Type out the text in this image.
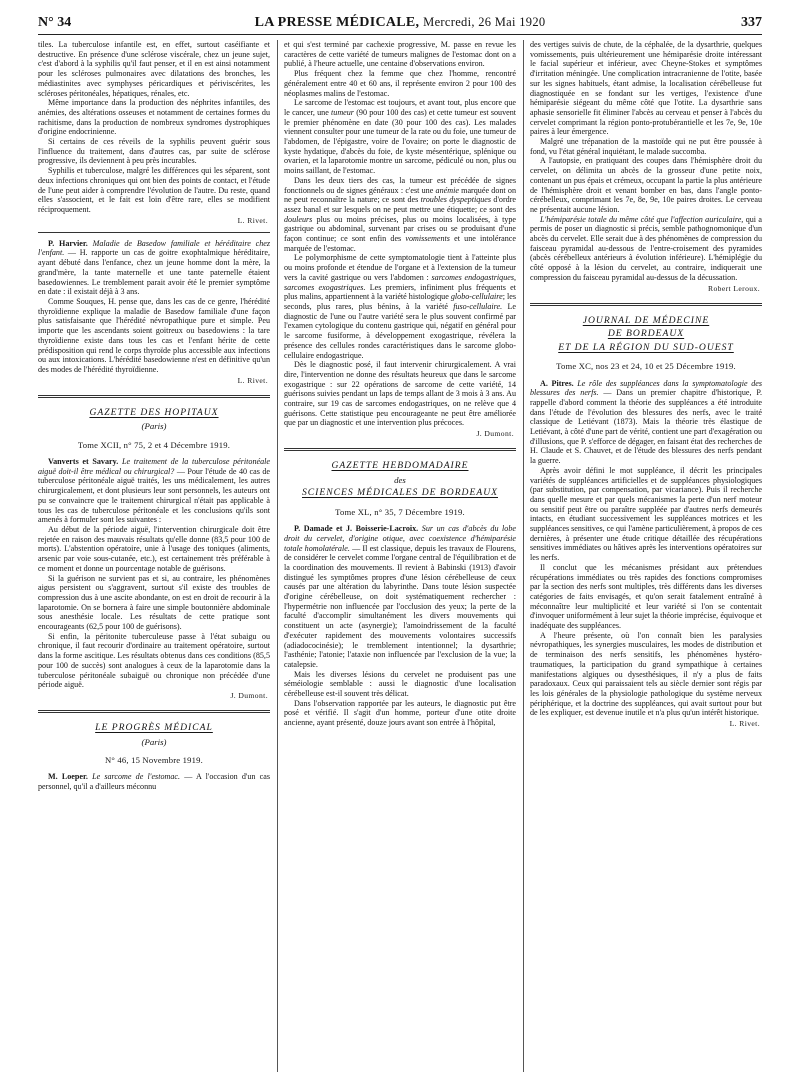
N° 34	LA PRESSE MÉDICALE, Mercredi, 26 Mai 1920	337

tiles. La tuberculose infantile est, en effet, surtout caséifiante et destructive. En présence d'une sclérose viscérale, chez un jeune sujet, c'est d'abord à la syphilis qu'il faut penser, et il en est ainsi notamment pour les scléroses pulmonaires avec dilatations des bronches, les médiastinites avec symphyses péricardiques et périviscérites, les scléroses péritonéales, hépatiques, rénales, etc.

Même importance dans la production des néphrites infantiles, des anémies, des altérations osseuses et notamment de certaines formes du rachitisme, dans la production de nombreux syndromes dystrophiques d'origine endocrinienne.

Si certains de ces réveils de la syphilis peuvent guérir sous l'influence du traitement, dans d'autres cas, par suite de sclérose progressive, ils deviennent à peu près incurables.

Syphilis et tuberculose, malgré les différences qui les séparent, sont deux infections chroniques qui ont bien des points de contact, et l'étude de l'une peut aider à comprendre l'évolution de l'autre. Du reste, quand elles s'associent, et le fait est loin d'être rare, elles se modifient réciproquement.

L. Rivet.

P. Harvier. Maladie de Basedow familiale et héréditaire chez l'enfant. — H. rapporte un cas de goitre exophtalmique héréditaire, ayant débuté dans l'enfance, chez un jeune homme dont la mère, la grand'mère, la tante maternelle et une tante paternelle étaient basedowiennes. Le tremblement parait avoir été le premier symptôme en date : il existait déjà à 3 ans.

Comme Souques, H. pense que, dans les cas de ce genre, l'hérédité thyroïdienne explique la maladie de Basedow familiale d'une façon plus satisfaisante que l'hérédité névropathique pure et simple. Peu importe que les ascendants soient goitreux ou basedowiens : la tare thyroïdienne existe dans tous les cas et l'enfant hérite de cette prédisposition qui rend le corps thyroïde plus accessible aux infections ou aux intoxications. L'hérédité basedowienne n'est en définitive qu'un des modes de l'hérédité thyroïdienne.

L. Rivet.

GAZETTE DES HOPITAUX

(Paris)

Tome XCII, n° 75, 2 et 4 Décembre 1919.

Vanverts et Savary. Le traitement de la tuberculose péritonéale aiguë doit-il être médical ou chirurgical? — Pour l'étude de 40 cas de tuberculose péritonéale aiguë traités, les uns médicalement, les autres chirurgicalement, et dont plusieurs leur sont personnels, les auteurs ont pu se convaincre que le traitement chirurgical n'était pas applicable à tous les cas de tuberculose péritonéale et les conclusions qu'ils sont amenés à formuler sont les suivantes :

Au début de la période aiguë, l'intervention chirurgicale doit être rejetée en raison des mauvais résultats qu'elle donne (83,5 pour 100 de morts). L'abstention opératoire, unie à l'usage des toniques (aliments, arsenic par voie sous-cutanée, etc.), est certainement très préférable à ce moment et donne un pourcentage notable de guérisons.

Si la guérison ne survient pas et si, au contraire, les phénomènes aigus persistent ou s'aggravent, surtout s'il existe des troubles de compression dus à une ascite abondante, on est en droit de recourir à la laparotomie. On se bornera à faire une simple boutonnière abdominale sous anesthésie locale. Les résultats de cette pratique sont encourageants (62,5 pour 100 de guérisons).

Si enfin, la péritonite tuberculeuse passe à l'état subaigu ou chronique, il faut recourir d'ordinaire au traitement opératoire, surtout dans la forme ascitique. Les résultats obtenus dans ces conditions (85,5 pour 100 de succès) sont analogues à ceux de la laparotomie dans la tuberculose péritonéale subaiguë ou chronique non précédée d'une période aiguë.

J. Dumont.

LE PROGRÈS MÉDICAL

(Paris)

N° 46, 15 Novembre 1919.

M. Loeper. Le sarcome de l'estomac. — A l'occasion d'un cas personnel, qu'il a d'ailleurs méconnu

et qui s'est terminé par cachexie progressive, M. passe en revue les caractères de cette variété de tumeurs malignes de l'estomac dont on a publié, à l'heure actuelle, une centaine d'observations environ.

Plus fréquent chez la femme que chez l'homme, rencontré généralement entre 40 et 60 ans, il représente environ 2 pour 100 des néoplasmes malins de l'estomac.

Le sarcome de l'estomac est toujours, et avant tout, plus encore que le cancer, une tumeur (90 pour 100 des cas) et cette tumeur est souvent le premier phénomène en date (30 pour 100 des cas). Les malades viennent consulter pour une tumeur de la rate ou du foie, une tumeur de l'abdomen, de l'épigastre, voire de l'ovaire; on porte le diagnostic de kyste hydatique, d'abcès du foie, de kyste mésentérique, splénique ou ovarien, et la laparotomie montre un sarcome, pédiculé ou non, plus ou moins saillant, de l'estomac.

Dans les deux tiers des cas, la tumeur est précédée de signes fonctionnels ou de signes généraux : c'est une anémie marquée dont on ne peut reconnaître la nature; ce sont des troubles dyspeptiques d'ordre assez banal et sur lesquels on ne peut mettre une étiquette; ce sont des douleurs plus ou moins précises, plus ou moins localisées, à type gastrique ou abdominal, survenant par crises ou se produisant d'une façon continue; ce sont enfin des vomissements et une intolérance marquée de l'estomac.

Le polymorphisme de cette symptomatologie tient à l'atteinte plus ou moins profonde et étendue de l'organe et à l'extension de la tumeur vers la cavité gastrique ou vers l'abdomen : sarcomes endogastriques, sarcomes exogastriques. Les premiers, infiniment plus fréquents et plus malins, appartiennent à la variété histologique globo-cellulaire; les seconds, plus rares, plus bénins, à la variété fuso-cellulaire. Le diagnostic de l'une ou l'autre variété sera le plus souvent confirmé par l'examen cytologique du contenu gastrique qui, négatif en général pour le sarcome fusiforme, à développement exogastrique, révélera la présence des cellules rondes caractéristiques dans le sarcome globo-cellulaire endogastrique.

Dès le diagnostic posé, il faut intervenir chirurgicalement. A vrai dire, l'intervention ne donne des résultats heureux que dans le sarcome exogastrique : sur 22 opérations de sarcome de cette variété, 14 guérisons suivies pendant un laps de temps allant de 3 mois à 3 ans. Au contraire, sur 19 cas de sarcomes endogastriques, on ne relève que 4 guérisons. Cette statistique peu encourageante ne peut être améliorée que par un diagnostic et une intervention plus précoces.

J. Dumont.

GAZETTE HEBDOMADAIRE

des

SCIENCES MÉDICALES DE BORDEAUX

Tome XL, n° 35, 7 Décembre 1919.

P. Damade et J. Boisserie-Lacroix. Sur un cas d'abcès du lobe droit du cervelet, d'origine otique, avec coexistence d'hémiparésie totale homolatérale. — Il est classique, depuis les travaux de Flourens, de considérer le cervelet comme l'organe central de l'équilibration et de la coordination des mouvements. Il revient à Babinski (1913) d'avoir distingué les symptômes propres d'une lésion cérébelleuse de ceux causés par une altération du labyrinthe. Dans toute lésion suspectée d'origine cérébelleuse, on doit systématiquement rechercher : l'hypermétrie non influencée par l'occlusion des yeux; la perte de la faculté d'accomplir simultanément les divers mouvements qui constituent un acte (asynergie); l'amoindrissement de la faculté d'exécuter rapidement des mouvements volontaires successifs (adiadococinésie); le tremblement intentionnel; la dysarthrie; l'asthénie; l'atonie; l'ataxie non influencée par l'exclusion de la vue; la catalepsie.

Mais les diverses lésions du cervelet ne produisent pas une séméiologie semblable : aussi le diagnostic d'une localisation cérébelleuse est-il souvent très délicat.

Dans l'observation rapportée par les auteurs, le diagnostic put être posé et vérifié. Il s'agit d'un homme, porteur d'une otite droite ancienne, ayant présenté, douze jours avant son entrée à l'hôpital,

des vertiges suivis de chute, de la céphalée, de la dysarthrie, quelques vomissements, puis ultérieurement une hémiparésie droite intéressant le facial supérieur et inférieur, avec Cheyne-Stokes et symptômes d'irritation méningée. Une complication intracranienne de l'otite, basée sur les signes habituels, étant admise, la localisation cérébelleuse fut diagnostiquée en se fondant sur les vertiges, l'existence d'une hémiparésie siégeant du même côté que l'otite. La dysarthrie sans aphasie sensorielle fit éliminer l'abcès au cerveau et penser à l'abcès du cervelet comprimant la région ponto-protubérantielle et les 7e, 9e, 10e paires à leur émergence.

Malgré une trépanation de la mastoïde qui ne put être poussée à fond, vu l'état général inquiétant, le malade succomba.

A l'autopsie, en pratiquant des coupes dans l'hémisphère droit du cervelet, on délimita un abcès de la grosseur d'une petite noix, contenant un pus épais et crémeux, occupant la partie la plus antérieure de l'hémisphère droit et venant bomber en bas, dans l'angle ponto-cérébelleux, comprimant les 7e, 8e, 9e, 10e paires droites. Le cerveau ne présentait aucune lésion.

L'hémiparésie totale du même côté que l'affection auriculaire, qui a permis de poser un diagnostic si précis, semble pathognomonique d'un abcès du cervelet. Elle serait due à des phénomènes de compression du faisceau pyramidal au-dessous de l'entre-croisement des pyramides (abcès cérébelleux antérieurs à évolution inférieure). L'hémiplégie du côté opposé à la lésion du cervelet, au contraire, indiquerait une compression du faisceau pyramidal au-dessus de la décussation.

Robert Leroux.

JOURNAL DE MÉDECINE

DE BORDEAUX

ET DE LA RÉGION DU SUD-OUEST

Tome XC, nos 23 et 24, 10 et 25 Décembre 1919.

A. Pitres. Le rôle des suppléances dans la symptomatologie des blessures des nerfs. — Dans un premier chapitre d'historique, P. rappelle d'abord comment la théorie des suppléances a été introduite dans l'étude de l'évolution des blessures des nerfs, avec le traité classique de Letiévant (1873). Mais la théorie très élastique de Letiévant, à côté d'une part de vérité, contient une part d'exagération ou d'illusions, que P. s'efforce de dégager, en faisant état des recherches de H. Claude et S. Chauvet, et de l'étude des blessures des nerfs pendant la guerre.

Après avoir défini le mot suppléance, il décrit les principales variétés de suppléances artificielles et de suppléances physiologiques (par substitution, par compensation, par vicariance). Puis il recherche dans quelle mesure et par quels mécanismes la perte d'un nerf moteur ou sensitif peut être ou paraître suppléée par d'autres nerfs demeurés intacts, en étudiant successivement les suppléances motrices et les suppléances sensitives, ce qui l'amène particulièrement, à propos de ces dernières, à présenter une étude critique détaillée des récupérations sensitives immédiates ou hâtives après les interventions opératoires sur les nerfs.

Il conclut que les mécanismes présidant aux prétendues récupérations immédiates ou très rapides des fonctions compromises par la section des nerfs sont multiples, très différents dans les diverses catégories de faits envisagés, et qu'on serait fatalement entraîné à méconnaître leur multiplicité et leur variété si l'on se contentait d'invoquer uniformément à leur sujet la théorie imprécise, équivoque et inadéquate des suppléances.

A l'heure présente, où l'on connaît bien les paralysies névropathiques, les synergies musculaires, les modes de distribution et de terminaison des nerfs sensitifs, les phénomènes hystéro-traumatiques, la participation du grand sympathique à certaines manifestations algiques ou dysesthésiques, il n'y a plus de faits paradoxaux. Ceux qui paraissaient tels au siècle dernier sont régis par les lois générales de la physiologie pathologique du système nerveux périphérique, et la doctrine des suppléances, qui avait surtout pour but de les expliquer, est devenue inutile et n'a plus qu'un intérêt historique.

L. Rivet.
